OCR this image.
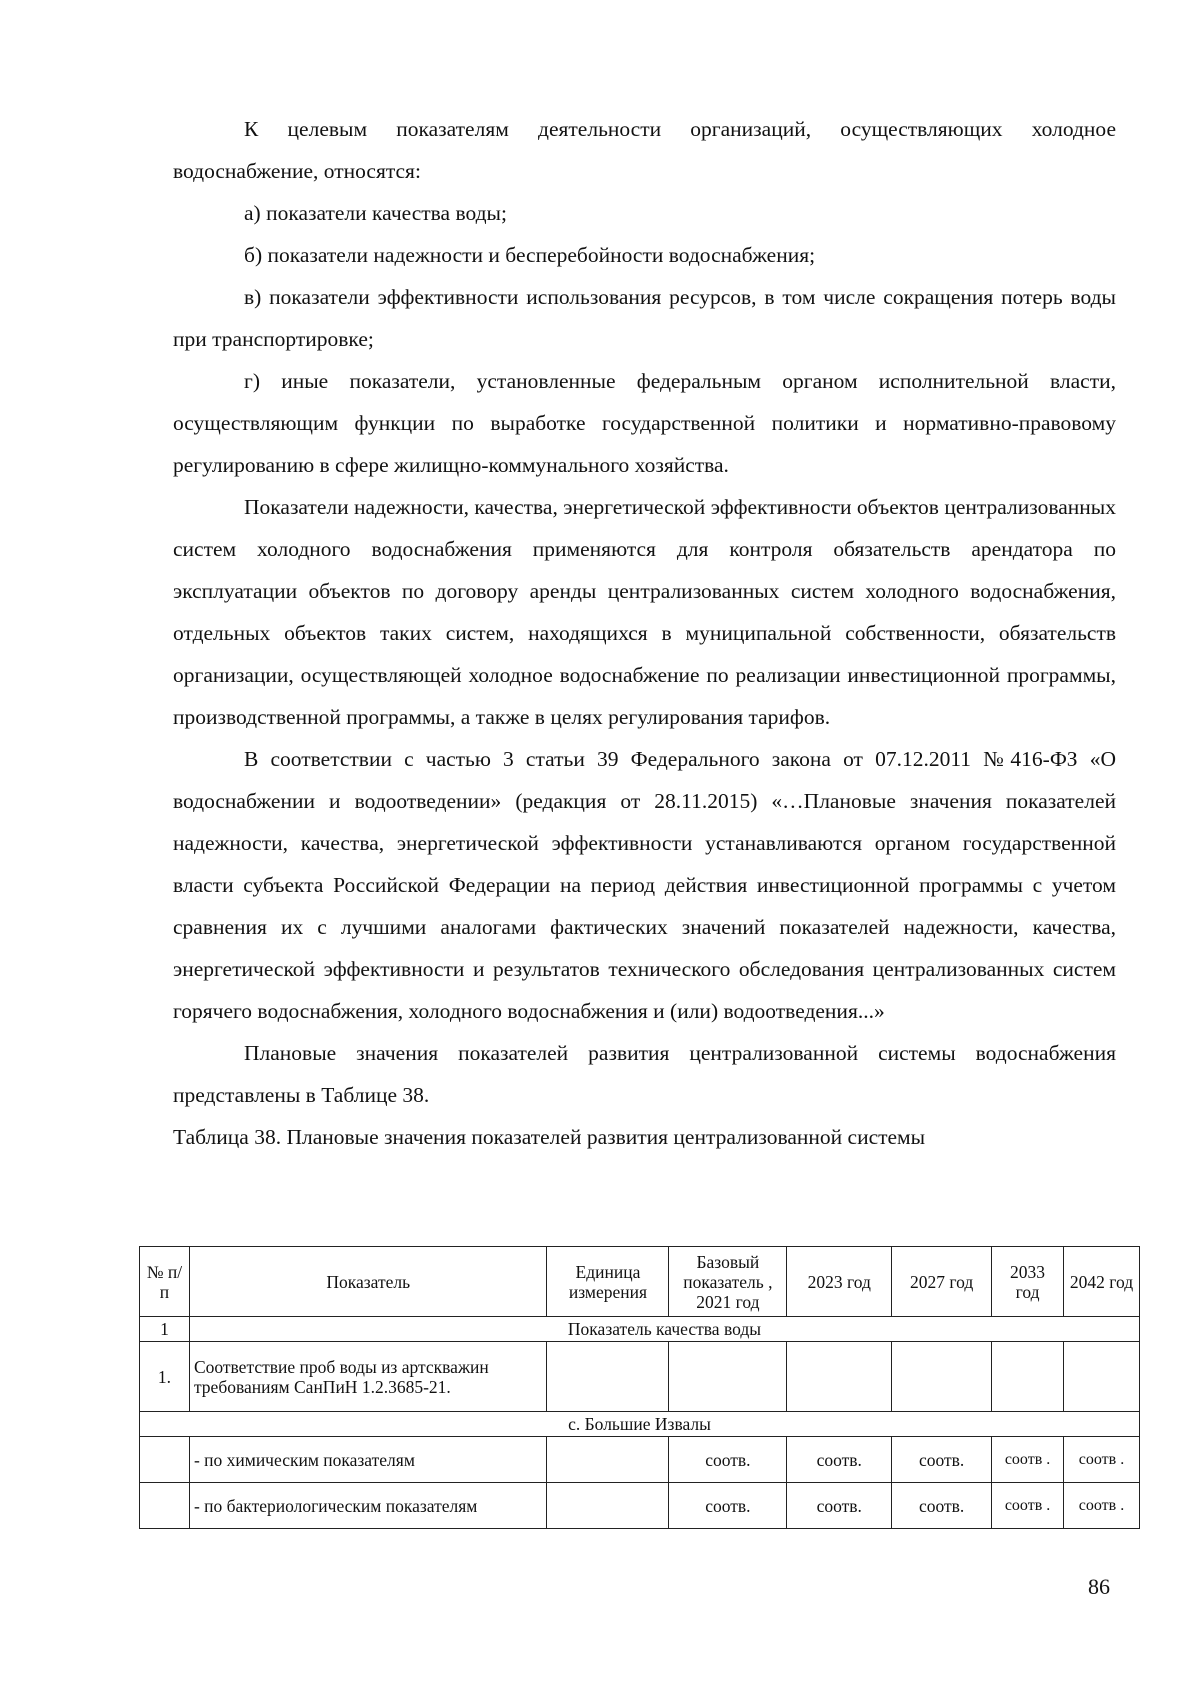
К целевым показателям деятельности организаций, осуществляющих холодное водоснабжение, относятся:

а) показатели качества воды;

б) показатели надежности и бесперебойности водоснабжения;

в) показатели эффективности использования ресурсов, в том числе сокращения потерь воды при транспортировке;

г) иные показатели, установленные федеральным органом исполнительной власти, осуществляющим функции по выработке государственной политики и нормативно-правовому регулированию в сфере жилищно-коммунального хозяйства.

Показатели надежности, качества, энергетической эффективности объектов централизованных систем холодного водоснабжения применяются для контроля обязательств арендатора по эксплуатации объектов по договору аренды централизованных систем холодного водоснабжения, отдельных объектов таких систем, находящихся в муниципальной собственности, обязательств организации, осуществляющей холодное водоснабжение по реализации инвестиционной программы, производственной программы, а также в целях регулирования тарифов.

В соответствии с частью 3 статьи 39 Федерального закона от 07.12.2011 №416-ФЗ «О водоснабжении и водоотведении» (редакция от 28.11.2015) «…Плановые значения показателей надежности, качества, энергетической эффективности устанавливаются органом государственной власти субъекта Российской Федерации на период действия инвестиционной программы с учетом сравнения их с лучшими аналогами фактических значений показателей надежности, качества, энергетической эффективности и результатов технического обследования централизованных систем горячего водоснабжения, холодного водоснабжения и (или) водоотведения...»

Плановые значения показателей развития централизованной системы водоснабжения представлены в Таблице 38.

Таблица 38. Плановые значения показателей развития централизованной системы

№ п/п	Показатель	Единица измерения	Базовый показатель , 2021 год	2023 год	2027 год	2033 год	2042 год
1	Показатель качества воды						
1.	Соответствие проб воды из артскважин требованиям СанПиН 1.2.3685-21.						
с. Большие Извалы							
	- по химическим показателям		соотв.	соотв.	соотв.	соотв .	соотв .
	- по бактериологическим показателям		соотв.	соотв.	соотв.	соотв .	соотв .
86
